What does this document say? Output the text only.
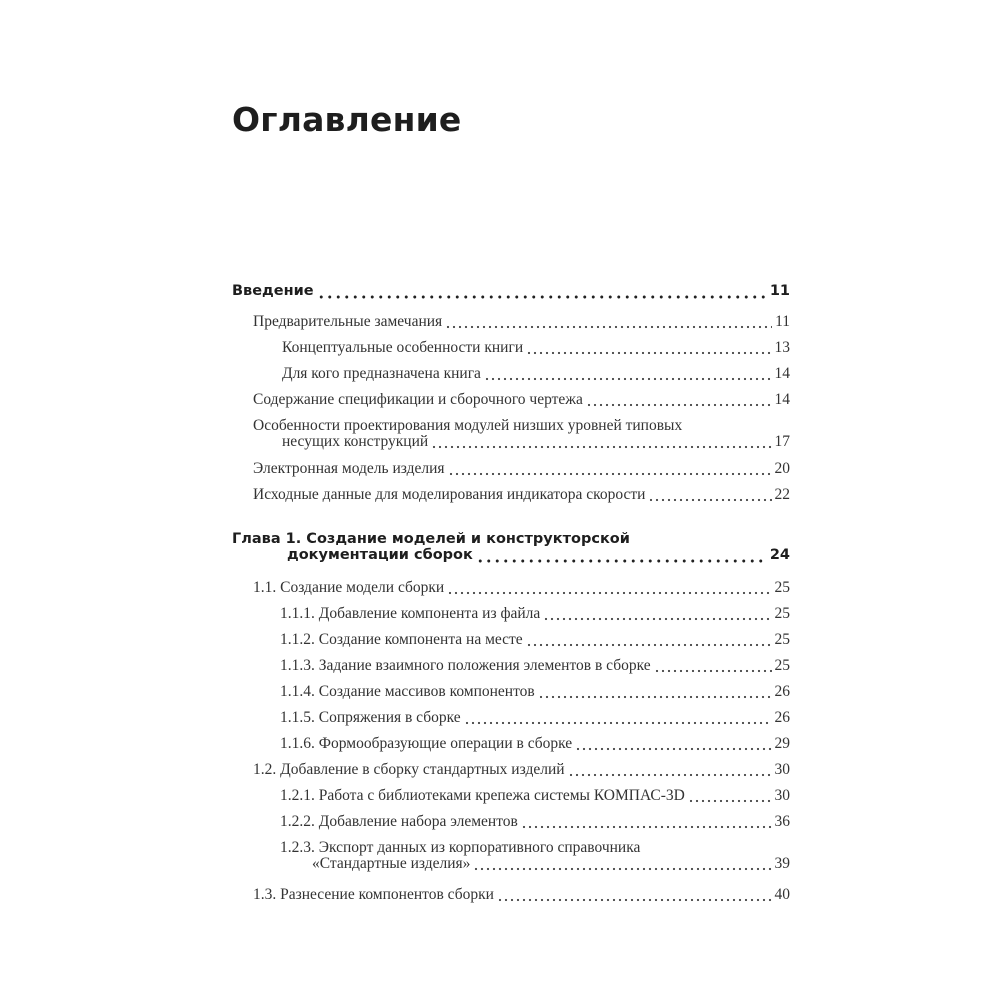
Оглавление
Введение	11
Предварительные замечания	11
Концептуальные особенности книги	13
Для кого предназначена книга	14
Содержание спецификации и сборочного чертежа	14
Особенности проектирования модулей низших уровней типовых
несущих конструкций	17
Электронная модель изделия	20
Исходные данные для моделирования индикатора скорости	22
Глава 1. Создание моделей и конструкторской
документации сборок	24
1.1. Создание модели сборки	25
1.1.1. Добавление компонента из файла	25
1.1.2. Создание компонента на месте	25
1.1.3. Задание взаимного положения элементов в сборке	25
1.1.4. Создание массивов компонентов	26
1.1.5. Сопряжения в сборке	26
1.1.6. Формообразующие операции в сборке	29
1.2. Добавление в сборку стандартных изделий	30
1.2.1. Работа с библиотеками крепежа системы КОМПАС-3D	30
1.2.2. Добавление набора элементов	36
1.2.3. Экспорт данных из корпоративного справочника
«Стандартные изделия»	39
1.3. Разнесение компонентов сборки	40
